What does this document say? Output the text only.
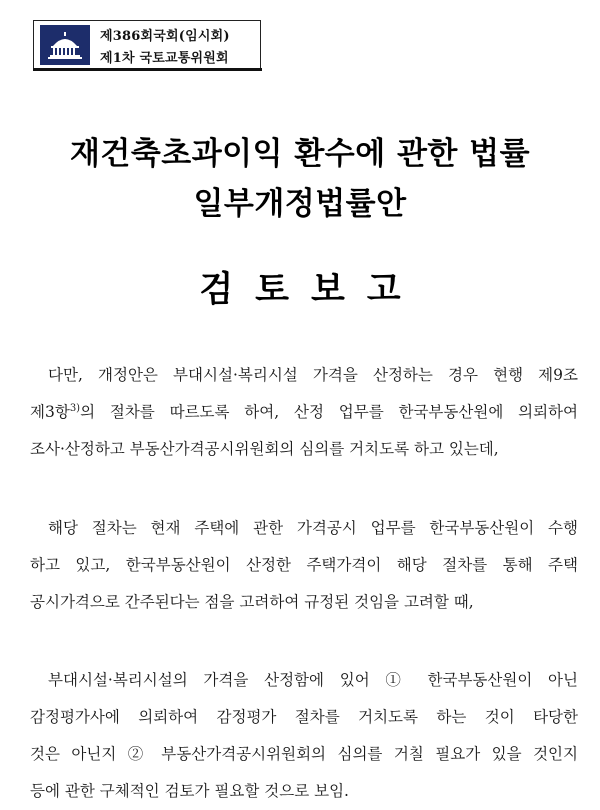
제386회국회(임시회)
제1차 국토교통위원회
재건축초과이익 환수에 관한 법률
일부개정법률안
검토보고
다만, 개정안은 부대시설·복리시설 가격을 산정하는 경우 현행 제9조
제3항$^{3)}$의 절차를 따르도록 하여, 산정 업무를 한국부동산원에 의뢰하여
조사·산정하고 부동산가격공시위원회의 심의를 거치도록 하고 있는데,
해당 절차는 현재 주택에 관한 가격공시 업무를 한국부동산원이 수행
하고 있고, 한국부동산원이 산정한 주택가격이 해당 절차를 통해 주택
공시가격으로 간주된다는 점을 고려하여 규정된 것임을 고려할 때,
부대시설·복리시설의 가격을 산정함에 있어 ① 한국부동산원이 아닌
감정평가사에 의뢰하여 감정평가 절차를 거치도록 하는 것이 타당한
것은 아닌지 ② 부동산가격공시위원회의 심의를 거칠 필요가 있을 것인지
등에 관한 구체적인 검토가 필요할 것으로 보임.
